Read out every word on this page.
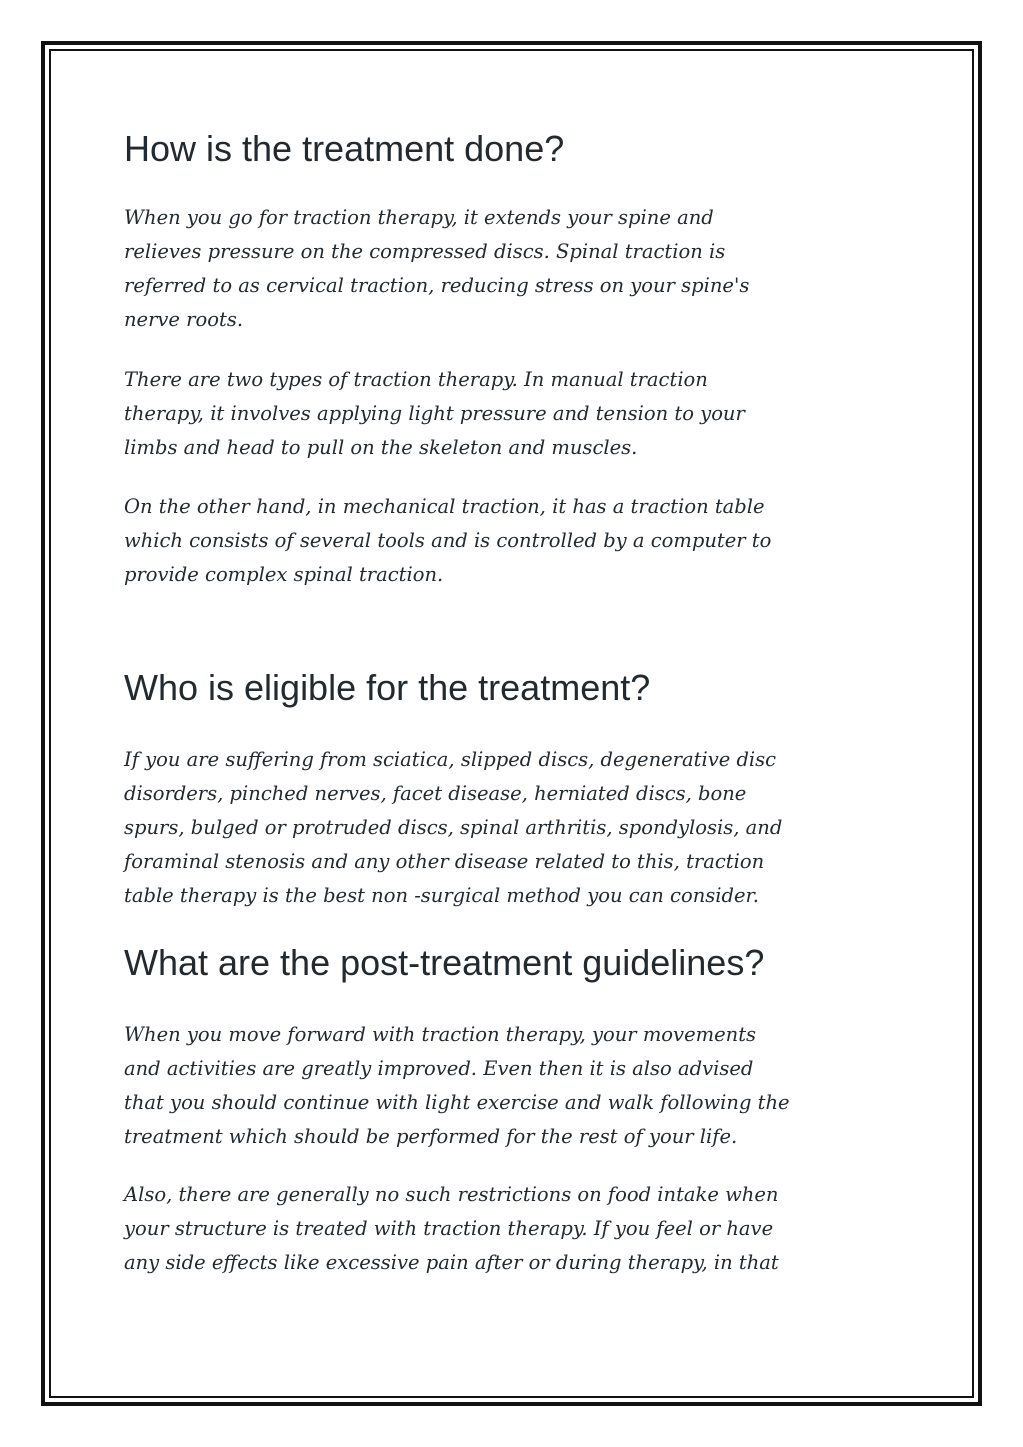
How is the treatment done?

When you go for traction therapy, it extends your spine and
relieves pressure on the compressed discs. Spinal traction is
referred to as cervical traction, reducing stress on your spine's
nerve roots.

There are two types of traction therapy. In manual traction
therapy, it involves applying light pressure and tension to your
limbs and head to pull on the skeleton and muscles.

On the other hand, in mechanical traction, it has a traction table
which consists of several tools and is controlled by a computer to
provide complex spinal traction.

Who is eligible for the treatment?

If you are suffering from sciatica, slipped discs, degenerative disc
disorders, pinched nerves, facet disease, herniated discs, bone
spurs, bulged or protruded discs, spinal arthritis, spondylosis, and
foraminal stenosis and any other disease related to this, traction
table therapy is the best non -surgical method you can consider.

What are the post-treatment guidelines?

When you move forward with traction therapy, your movements
and activities are greatly improved. Even then it is also advised
that you should continue with light exercise and walk following the
treatment which should be performed for the rest of your life.

Also, there are generally no such restrictions on food intake when
your structure is treated with traction therapy. If you feel or have
any side effects like excessive pain after or during therapy, in that
